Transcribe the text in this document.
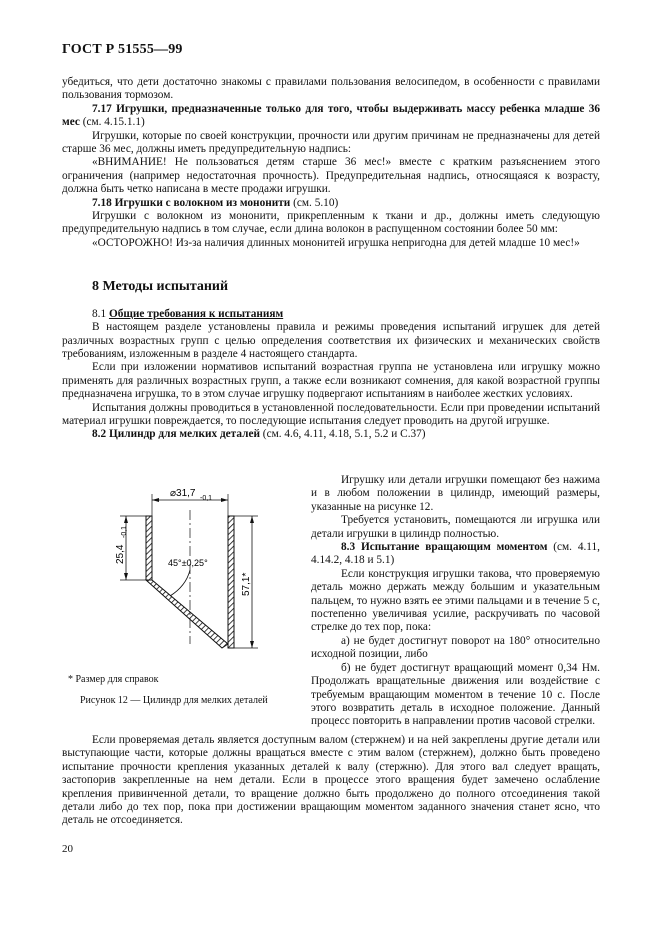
ГОСТ Р 51555—99

убедиться, что дети достаточно знакомы с правилами пользования велосипедом, в особенности с правилами пользования тормозом.

7.17 Игрушки, предназначенные только для того, чтобы выдерживать массу ребенка младше 36 мес (см. 4.15.1.1)

Игрушки, которые по своей конструкции, прочности или другим причинам не предназначены для детей старше 36 мес, должны иметь предупредительную надпись:

«ВНИМАНИЕ! Не пользоваться детям старше 36 мес!» вместе с кратким разъяснением этого ограничения (например недостаточная прочность). Предупредительная надпись, относящаяся к возрасту, должна быть четко написана в месте продажи игрушки.

7.18 Игрушки с волокном из мононити (см. 5.10)

Игрушки с волокном из мононити, прикрепленным к ткани и др., должны иметь следующую предупредительную надпись в том случае, если длина волокон в распущенном состоянии более 50 мм:

«ОСТОРОЖНО! Из-за наличия длинных мононитей игрушка непригодна для детей младше 10 мес!»

8 Методы испытаний

8.1 Общие требования к испытаниям

В настоящем разделе установлены правила и режимы проведения испытаний игрушек для детей различных возрастных групп с целью определения соответствия их физических и механических свойств требованиям, изложенным в разделе 4 настоящего стандарта.

Если при изложении нормативов испытаний возрастная группа не установлена или игрушку можно применять для различных возрастных групп, а также если возникают сомнения, для какой возрастной группы предназначена игрушка, то в этом случае игрушку подвергают испытаниям в наиболее жестких условиях.

Испытания должны проводиться в установленной последовательности. Если при проведении испытаний материал игрушки повреждается, то последующие испытания следует проводить на другой игрушке.

8.2 Цилиндр для мелких деталей (см. 4.6, 4.11, 4.18, 5.1, 5.2 и С.37)

⌀31,7 -0,1
25,4
-0,1
57,1*
45°±0,25°

Игрушку или детали игрушки помещают без нажима и в любом положении в цилиндр, имеющий размеры, указанные на рисунке 12.

Требуется установить, помещаются ли игрушка или детали игрушки в цилиндр полностью.

8.3 Испытание вращающим моментом (см. 4.11, 4.14.2, 4.18 и 5.1)

Если конструкция игрушки такова, что проверяемую деталь можно держать между большим и указательным пальцем, то нужно взять ее этими пальцами и в течение 5 с, постепенно увеличивая усилие, раскручивать по часовой стрелке до тех пор, пока:

а) не будет достигнут поворот на 180° относительно исходной позиции, либо

б) не будет достигнут вращающий момент 0,34 Нм. Продолжать вращательные движения или воздействие с требуемым вращающим моментом в течение 10 с. После этого возвратить деталь в исходное положение. Данный процесс повторить в направлении против часовой стрелки.

* Размер для справок
Рисунок 12 — Цилиндр для мелких деталей

Если проверяемая деталь является доступным валом (стержнем) и на ней закреплены другие детали или выступающие части, которые должны вращаться вместе с этим валом (стержнем), должно быть проведено испытание прочности крепления указанных деталей к валу (стержню). Для этого вал следует вращать, застопорив закрепленные на нем детали. Если в процессе этого вращения будет замечено ослабление крепления привинченной детали, то вращение должно быть продолжено до полного отсоединения такой детали либо до тех пор, пока при достижении вращающим моментом заданного значения станет ясно, что деталь не отсоединяется.

20
